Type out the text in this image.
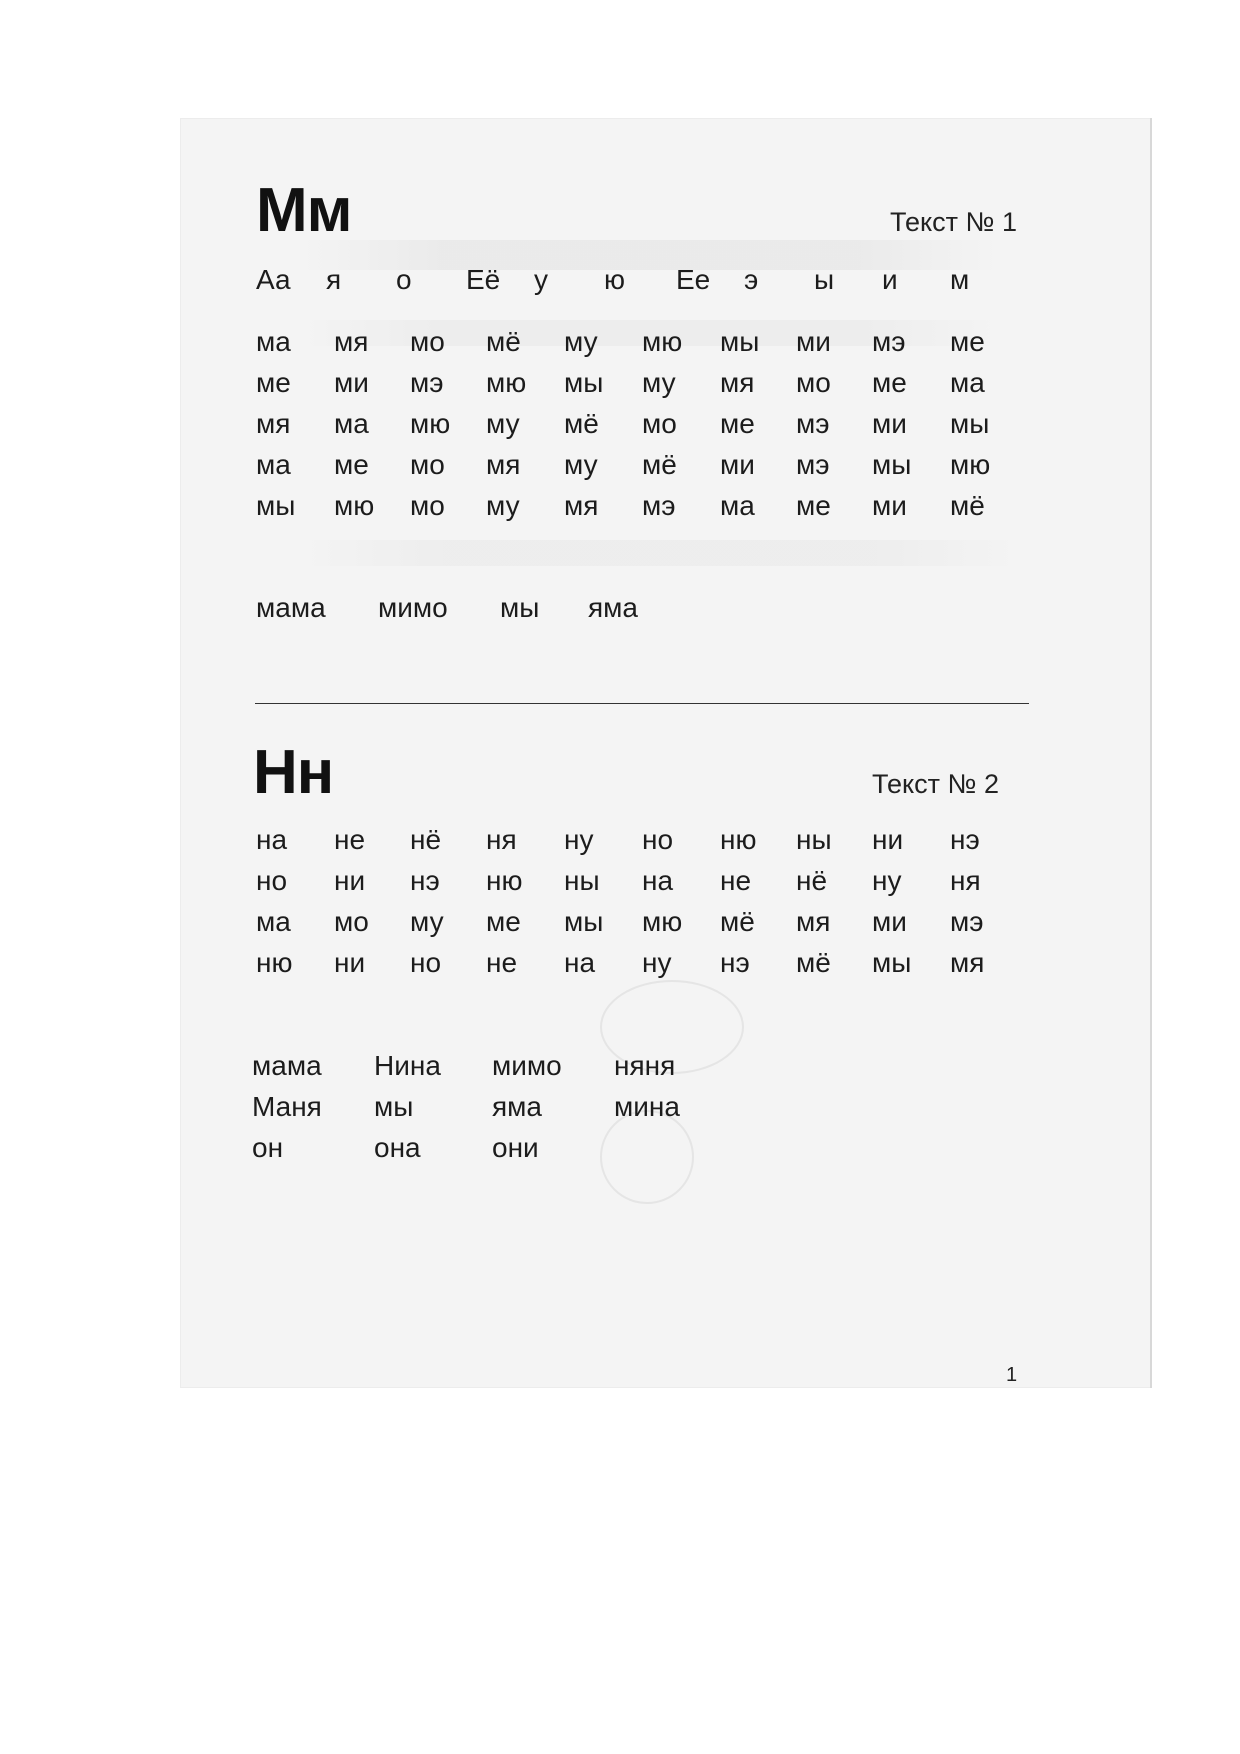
Мм	Текст № 1
Аа я о Её у ю Ее э ы и м
ма мя мо мё му мю мы ми мэ ме
ме ми мэ мю мы му мя мо ме ма
мя ма мю му мё мо ме мэ ми мы
ма ме мо мя му мё ми мэ мы мю
мы мю мо му мя мэ ма ме ми мё
мама мимо мы яма
Нн	Текст № 2
на не нё ня ну но ню ны ни нэ
но ни нэ ню ны на не нё ну ня
ма мо му ме мы мю мё мя ми мэ
ню ни но не на ну нэ мё мы мя
мама Нина мимо няня
Маня мы	яма	мина
он	она	они
1
